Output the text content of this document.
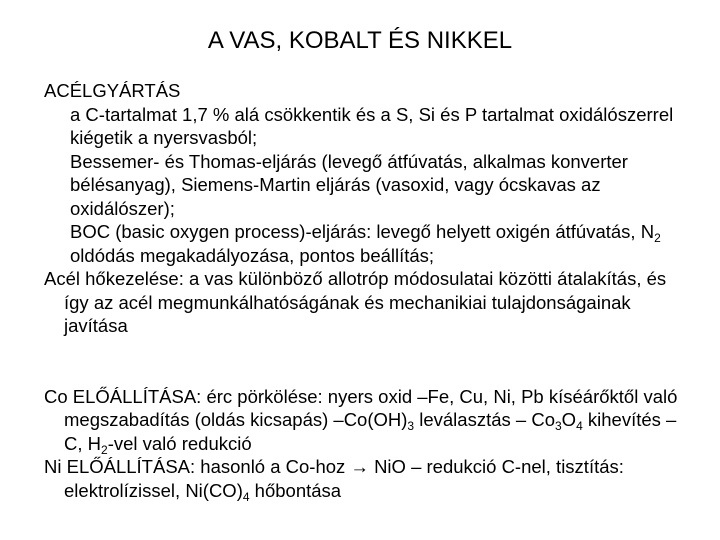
A VAS, KOBALT ÉS NIKKEL

ACÉLGYÁRTÁS

a C-tartalmat 1,7 % alá csökkentik és a S, Si és P tartalmat oxidálószerrel kiégetik a nyersvasból;

Bessemer- és Thomas-eljárás (levegő átfúvatás, alkalmas konverter bélésanyag), Siemens-Martin eljárás (vasoxid, vagy ócskavas az oxidálószer);

BOC (basic oxygen process)-eljárás: levegő helyett oxigén átfúvatás, $N_2$ oldódás megakadályozása, pontos beállítás;

Acél hőkezelése: a vas különböző allotróp módosulatai közötti átalakítás, és így az acél megmunkálhatóságának és mechanikiai tulajdonságainak javítása

Co ELŐÁLLÍTÁSA: érc pörkölése: nyers oxid –Fe, Cu, Ni, Pb kíséárőktől való megszabadítás (oldás kicsapás) $-Co(OH)_3$ leválasztás – $Co_3O_4$ kihevítés – C, $H_2$-vel való redukció

Ni ELŐÁLLÍTÁSA: hasonló a Co-hoz → NiO – redukció C-nel, tisztítás: elektrolízissel, $Ni(CO)_4$ hőbontása
